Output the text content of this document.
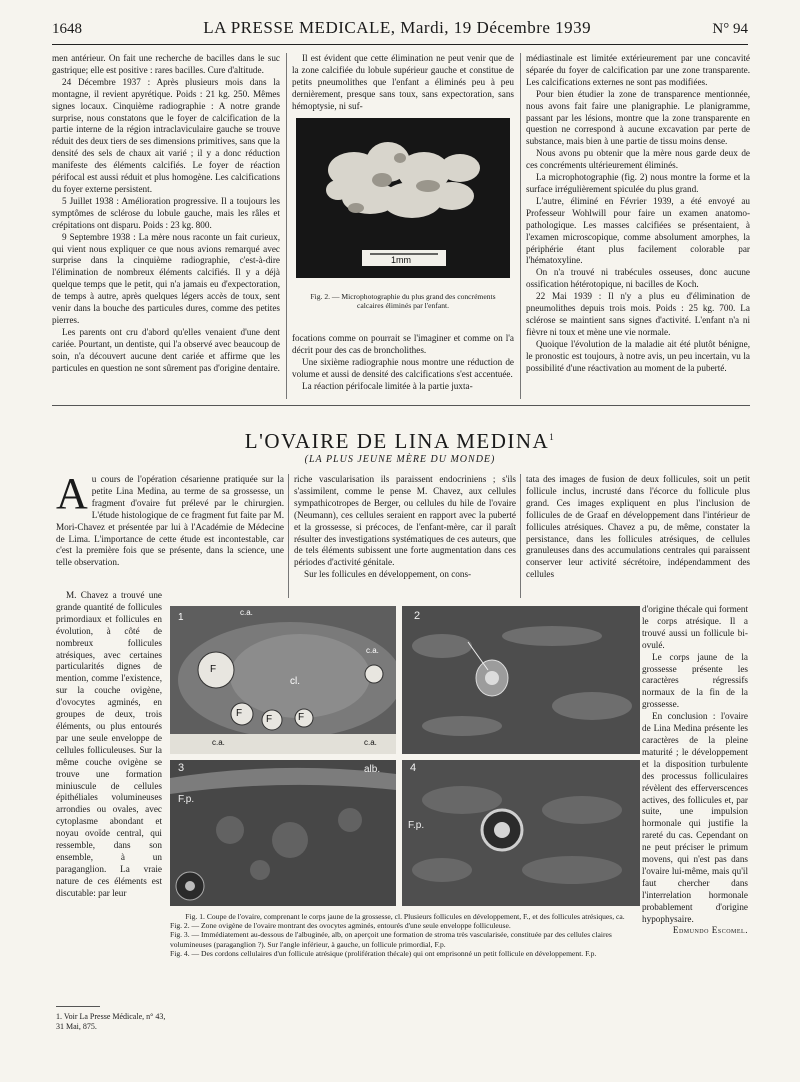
1648	LA PRESSE MEDICALE, Mardi, 19 Décembre 1939	N° 94

men antérieur. On fait une recherche de bacilles dans le suc gastrique; elle est positive : rares bacilles. Cure d'altitude.

24 Décembre 1937 : Après plusieurs mois dans la montagne, il revient apyrétique. Poids : 21 kg. 250. Mêmes signes locaux. Cinquième radiographie : A notre grande surprise, nous constatons que le foyer de calcification de la partie interne de la région intraclaviculaire gauche se trouve réduit des deux tiers de ses dimensions primitives, sans que la densité des sels de chaux ait varié ; il y a donc réduction manifeste des éléments calcifiés. Le foyer de réaction périfocal est aussi réduit et plus homogène. Les calcifications du foyer externe persistent.

5 Juillet 1938 : Amélioration progressive. Il a toujours les symptômes de sclérose du lobule gauche, mais les râles et crépitations ont disparu. Poids : 23 kg. 800.

9 Septembre 1938 : La mère nous raconte un fait curieux, qui vient nous expliquer ce que nous avions remarqué avec surprise dans la cinquième radiographie, c'est-à-dire l'élimination de nombreux éléments calcifiés. Il y a déjà quelque temps que le petit, qui n'a jamais eu d'expectoration, de temps à autre, après quelques légers accès de toux, sent venir dans la bouche des particules dures, comme des petites pierres.

Les parents ont cru d'abord qu'elles venaient d'une dent cariée. Pourtant, un dentiste, qui l'a observé avec beaucoup de soin, n'a découvert aucune dent cariée et affirme que les particules en question ne sont sûrement pas d'origine dentaire.

Il est évident que cette élimination ne peut venir que de la zone calcifiée du lobule supérieur gauche et constitue de petits pneumolithes que l'enfant a éliminés peu à peu dernièrement, presque sans toux, sans expectoration, sans hémoptysie, ni suf-

1mm
Fig. 2. — Microphotographie du plus grand des concréments calcaires éliminés par l'enfant.

focations comme on pourrait se l'imaginer et comme on l'a décrit pour des cas de broncholithes.

Une sixième radiographie nous montre une réduction de volume et aussi de densité des calcifications s'est accentuée.

La réaction périfocale limitée à la partie juxta-

médiastinale est limitée extérieurement par une concavité séparée du foyer de calcification par une zone transparente. Les calcifications externes ne sont pas modifiées.

Pour bien étudier la zone de transparence mentionnée, nous avons fait faire une planigraphie. Le planigramme, passant par les lésions, montre que la zone transparente en question ne correspond à aucune excavation par perte de substance, mais bien à une partie de tissu moins dense.

Nous avons pu obtenir que la mère nous garde deux de ces concréments ultérieurement éliminés.

La microphotographie (fig. 2) nous montre la forme et la surface irrégulièrement spiculée du plus grand.

L'autre, éliminé en Février 1939, a été envoyé au Professeur Wohlwill pour faire un examen anatomo-pathologique. Les masses calcifiées se présentaient, à l'examen microscopique, comme absolument amorphes, la périphérie étant plus facilement colorable par l'hématoxyline.

On n'a trouvé ni trabécules osseuses, donc aucune ossification hétérotopique, ni bacilles de Koch.

22 Mai 1939 : Il n'y a plus eu d'élimination de pneumolithes depuis trois mois. Poids : 25 kg. 700. La sclérose se maintient sans signes d'activité. L'enfant n'a ni fièvre ni toux et mène une vie normale.

Quoique l'évolution de la maladie ait été plutôt bénigne, le pronostic est toujours, à notre avis, un peu incertain, vu la possibilité d'une réactivation au moment de la puberté.

L'OVAIRE DE LINA MEDINA$^1$
(LA PLUS JEUNE MÈRE DU MONDE)

Au cours de l'opération césarienne pratiquée sur la petite Lina Medina, au terme de sa grossesse, un fragment d'ovaire fut prélevé par le chirurgien. L'étude histologique de ce fragment fut faite par M. Mori-Chavez et présentée par lui à l'Académie de Médecine de Lima. L'importance de cette étude est incontestable, car c'est la première fois que se présente, dans la science, une telle observation.

M. Chavez a trouvé une grande quantité de follicules primordiaux et follicules en évolution, à côté de nombreux follicules atrésiques, avec certaines particularités dignes de mention, comme l'existence, sur la couche ovigène, d'ovocytes agminés, en groupes de deux, trois éléments, ou plus entourés par une seule enveloppe de cellules folliculeuses. Sur la même couche ovigène se trouve une formation miniuscule de cellules épithéliales volumineuses arrondies ou ovales, avec cytoplasme abondant et noyau ovoïde central, qui ressemble, dans son ensemble, à un paraganglion. La vraie nature de ces éléments est discutable: par leur

riche vascularisation ils paraissent endocriniens ; s'ils s'assimilent, comme le pense M. Chavez, aux cellules sympathicotropes de Berger, ou cellules du hile de l'ovaire (Neumann), ces cellules seraient en rapport avec la puberté et la grossesse, si précoces, de l'enfant-mère, car il paraît résulter des investigations systématiques de ces auteurs, que de tels éléments subissent une forte augmentation dans ces périodes d'activité génitale.

Sur les follicules en développement, on cons-

tata des images de fusion de deux follicules, soit un petit follicule inclus, incrusté dans l'écorce du follicule plus grand. Ces images expliquent en plus l'inclusion de follicules de de Graaf en développement dans l'intérieur de follicules atrésiques. Chavez a pu, de même, constater la persistance, dans les follicules atrésiques, de cellules granuleuses dans des accumulations centrales qui paraissent conserver leur activité sécrétoire, indépendamment des cellules

d'origine thécale qui forment le corps atrésique. Il a trouvé aussi un follicule bi-ovulé.

Le corps jaune de la grossesse présente les caractères régressifs normaux de la fin de la grossesse.

En conclusion : l'ovaire de Lina Medina présente les caractères de la pleine maturité ; le développement et la disposition turbulente des processus folliculaires révèlent des efferverscences actives, des follicules et, par suite, une impulsion hormonale qui justifie la rareté du cas. Cependant on ne peut préciser le primum movens, qui n'est pas dans l'ovaire lui-même, mais qu'il faut chercher dans l'interrelation hormonale probablement d'origine hypophysaire.

Edmundo Escomel.

1
F
cl.
F
F	F
c.a.
c.a.
c.a.	c.a.
2
3	alb.
F.p.
4
F.p.
Fig. 1. Coupe de l'ovaire, comprenant le corps jaune de la grossesse, cl. Plusieurs follicules en développement, F., et des follicules atrésiques, ca.
Fig. 2. — Zone ovigène de l'ovaire montrant des ovocytes agminés, entourés d'une seule enveloppe folliculeuse.
Fig. 3. — Immédiatement au-dessous de l'albuginée, alb, on aperçoit une formation de stroma très vascularisée, constituée par des cellules claires volumineuses (paraganglion ?). Sur l'angle inférieur, à gauche, un follicule primordial, F.p.
Fig. 4. — Des cordons cellulaires d'un follicule atrésique (prolifération thécale) qui ont emprisonné un petit follicule en développement. F.p.
1. Voir La Presse Médicale, n° 43, 31 Mai, 875.
